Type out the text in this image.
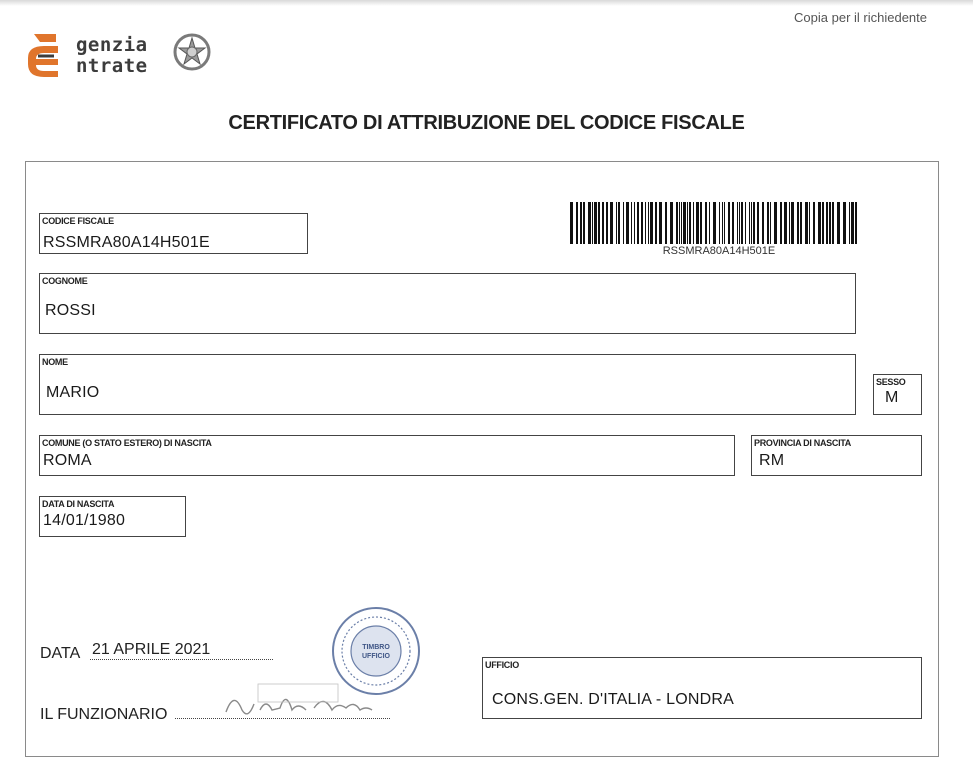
Copia per il richiedente
genzia
ntrate
CERTIFICATO DI ATTRIBUZIONE DEL CODICE FISCALE
CODICE FISCALE
RSSMRA80A14H501E	RSSMRA80A14H501E
COGNOME
ROSSI
NOME
MARIO
SESSO
M
COMUNE (O STATO ESTERO) DI NASCITA
ROMA
PROVINCIA DI NASCITA
RM
DATA DI NASCITA
14/01/1980
DATA 21 APRILE 2021	TIMBRO
UFFICIO
IL FUNZIONARIO
UFFICIO
CONS.GEN. D'ITALIA - LONDRA
